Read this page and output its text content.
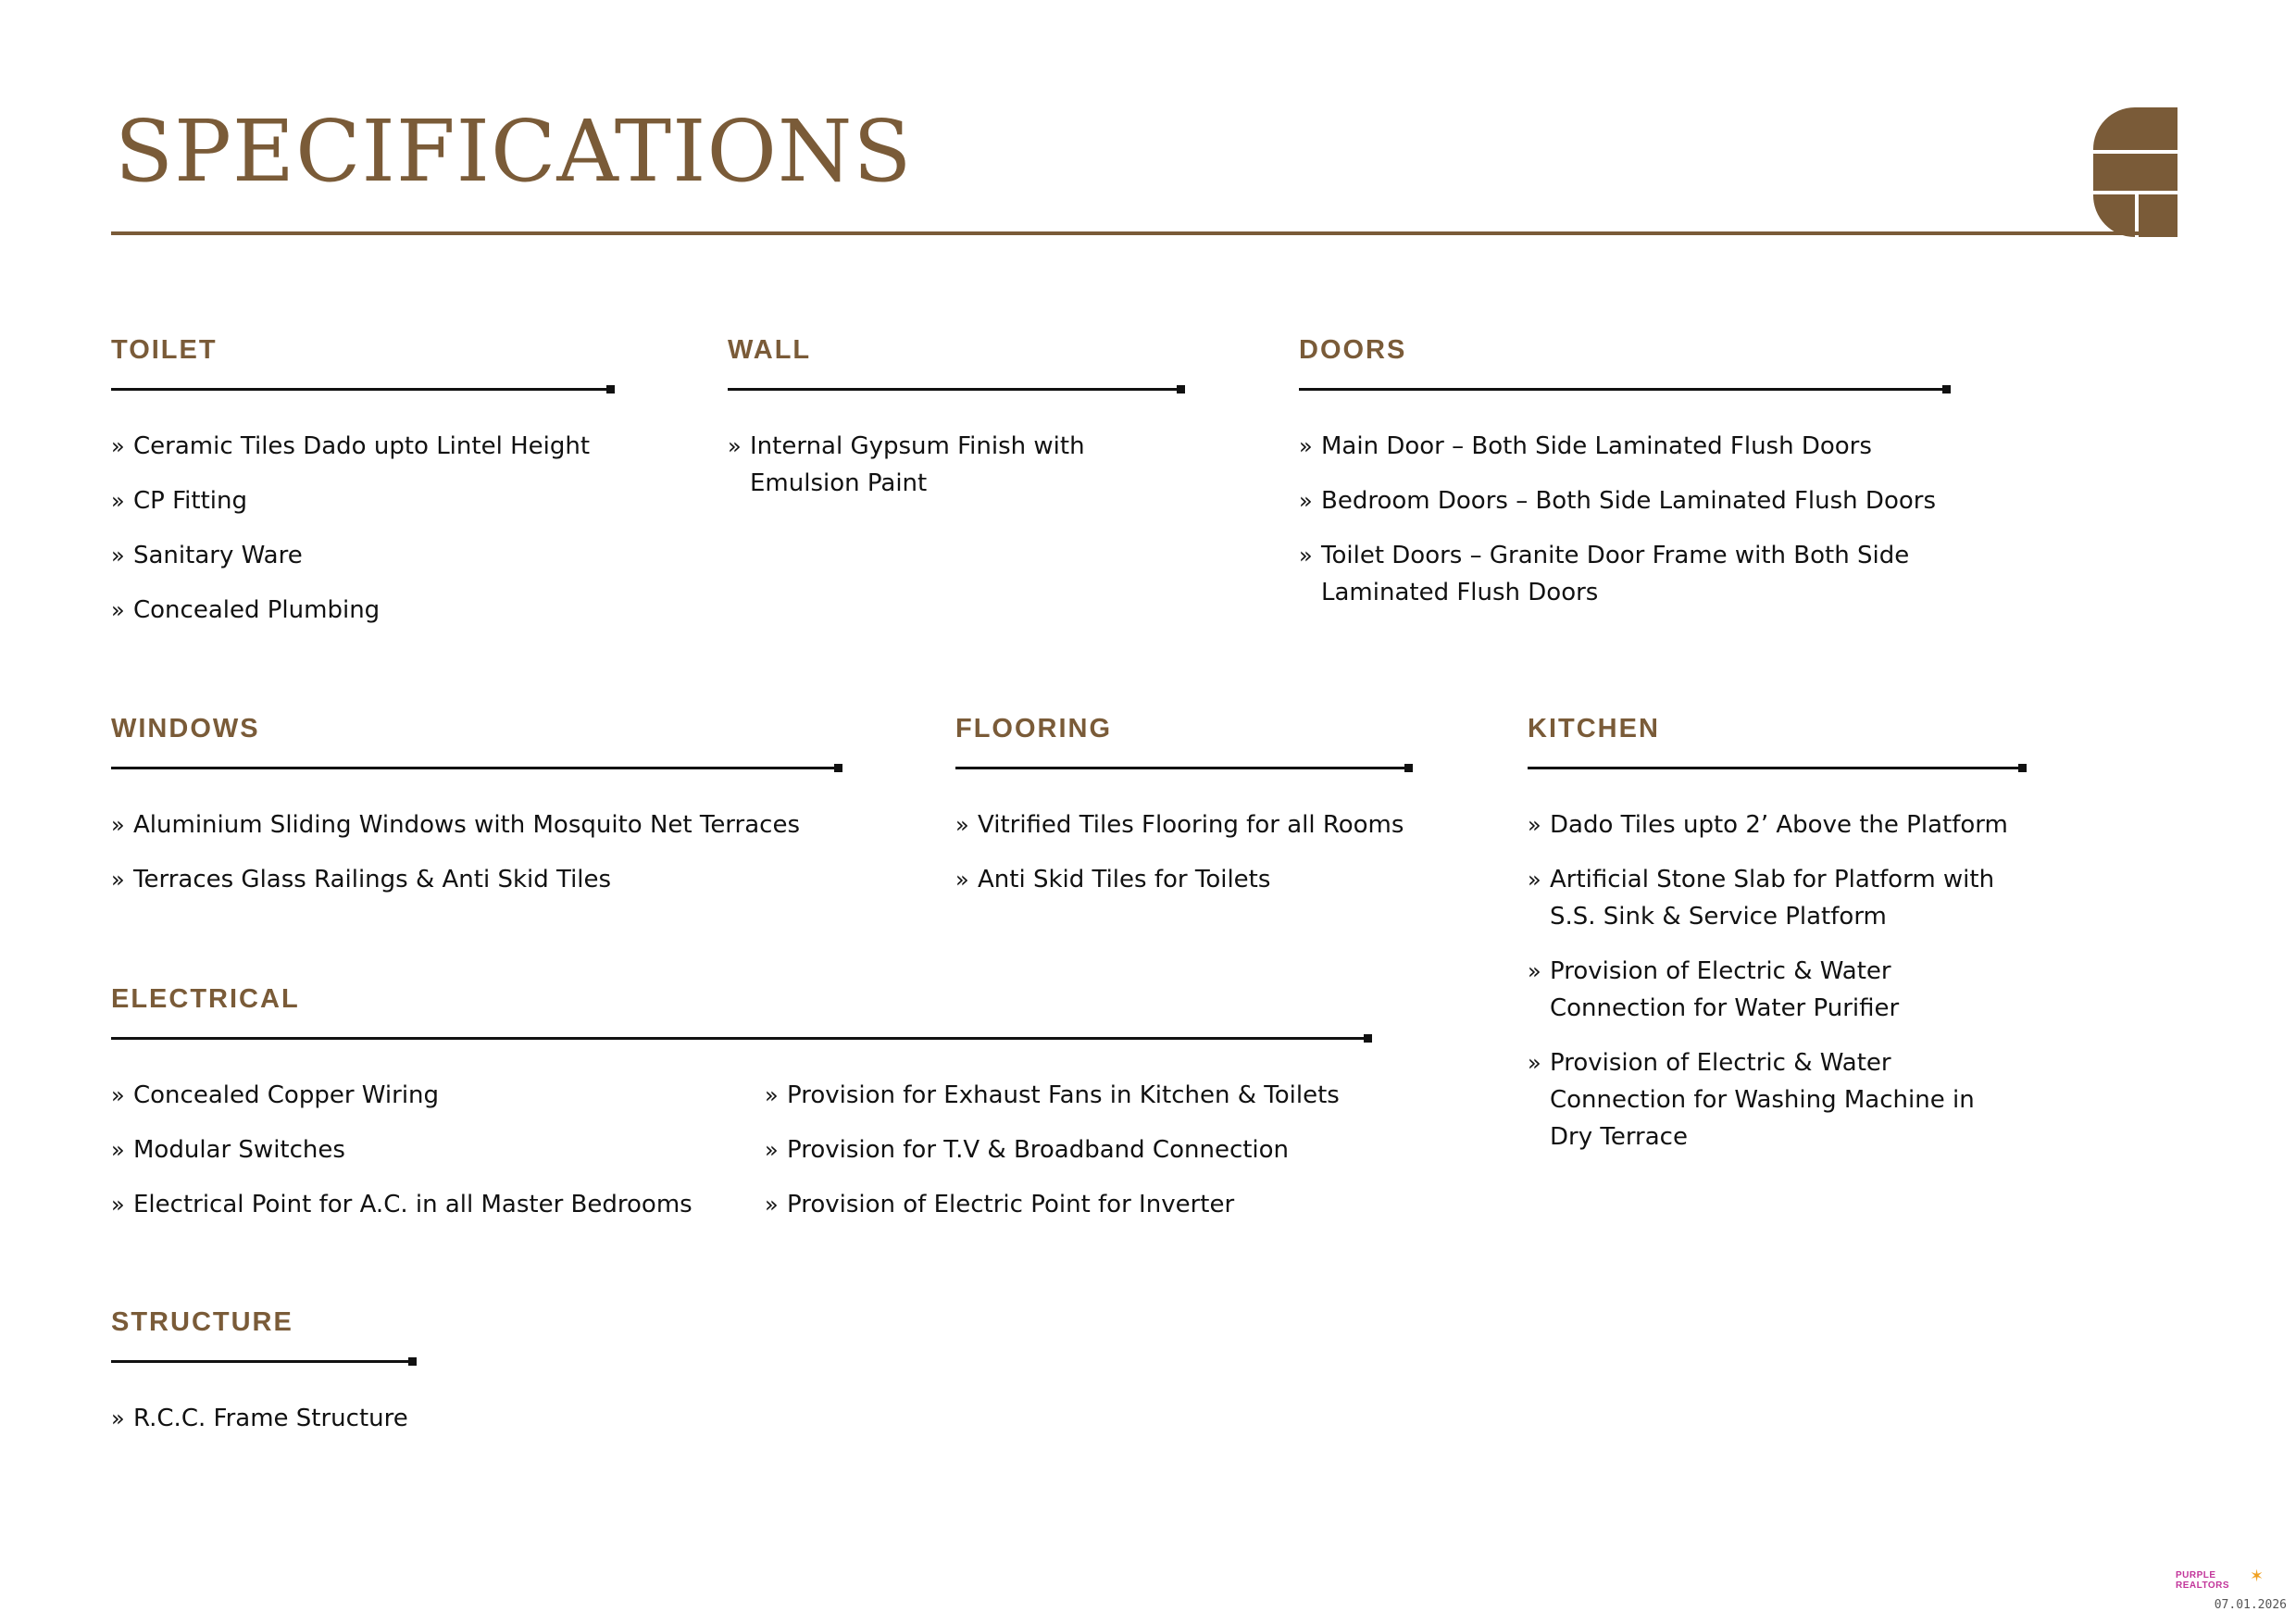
SPECIFICATIONS
TOILET
» Ceramic Tiles Dado upto Lintel Height
» CP Fitting
» Sanitary Ware
» Concealed Plumbing
WALL
» Internal Gypsum Finish with Emulsion Paint
DOORS
» Main Door – Both Side Laminated Flush Doors
» Bedroom Doors – Both Side Laminated Flush Doors
» Toilet Doors – Granite Door Frame with Both Side Laminated Flush Doors
WINDOWS
» Aluminium Sliding Windows with Mosquito Net Terraces
» Terraces Glass Railings & Anti Skid Tiles
FLOORING
» Vitrified Tiles Flooring for all Rooms
» Anti Skid Tiles for Toilets
KITCHEN
» Dado Tiles upto 2’ Above the Platform
» Artificial Stone Slab for Platform with S.S. Sink & Service Platform
» Provision of Electric & Water Connection for Water Purifier
» Provision of Electric & Water Connection for Washing Machine in Dry Terrace
ELECTRICAL
» Concealed Copper Wiring
» Modular Switches
» Electrical Point for A.C. in all Master Bedrooms
» Provision for Exhaust Fans in Kitchen & Toilets
» Provision for T.V & Broadband Connection
» Provision of Electric Point for Inverter
STRUCTURE
» R.C.C. Frame Structure
PURPLE REALTORS	✶
07.01.2026
